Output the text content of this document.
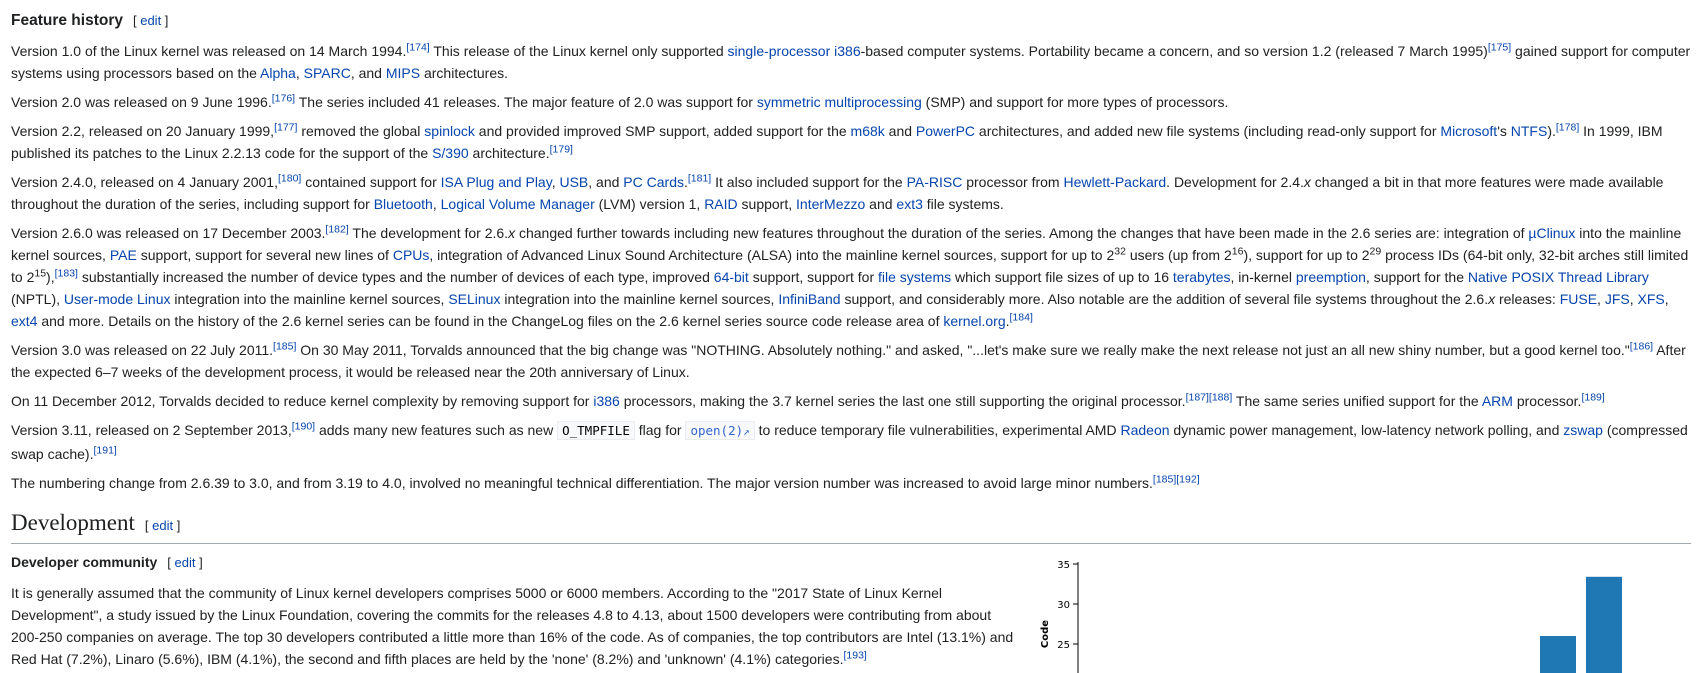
Feature history [ edit ]

Version 1.0 of the Linux kernel was released on 14 March 1994.[174] This release of the Linux kernel only supported single-processor i386-based computer systems. Portability became a concern, and so version 1.2 (released 7 March 1995)[175] gained support for computer systems using processors based on the Alpha, SPARC, and MIPS architectures.

Version 2.0 was released on 9 June 1996.[176] The series included 41 releases. The major feature of 2.0 was support for symmetric multiprocessing (SMP) and support for more types of processors.

Version 2.2, released on 20 January 1999,[177] removed the global spinlock and provided improved SMP support, added support for the m68k and PowerPC architectures, and added new file systems (including read-only support for Microsoft's NTFS).[178] In 1999, IBM published its patches to the Linux 2.2.13 code for the support of the S/390 architecture.[179]

Version 2.4.0, released on 4 January 2001,[180] contained support for ISA Plug and Play, USB, and PC Cards.[181] It also included support for the PA-RISC processor from Hewlett-Packard. Development for 2.4.x changed a bit in that more features were made available throughout the duration of the series, including support for Bluetooth, Logical Volume Manager (LVM) version 1, RAID support, InterMezzo and ext3 file systems.

Version 2.6.0 was released on 17 December 2003.[182] The development for 2.6.x changed further towards including new features throughout the duration of the series. Among the changes that have been made in the 2.6 series are: integration of µClinux into the mainline kernel sources, PAE support, support for several new lines of CPUs, integration of Advanced Linux Sound Architecture (ALSA) into the mainline kernel sources, support for up to $2^{32}$ users (up from $2^{16}$), support for up to $2^{29}$ process IDs (64-bit only, 32-bit arches still limited to $2^{15}),[183]$ substantially increased the number of device types and the number of devices of each type, improved 64-bit support, support for file systems which support file sizes of up to 16 terabytes, in-kernel preemption, support for the Native POSIX Thread Library (NPTL), User-mode Linux integration into the mainline kernel sources, SELinux integration into the mainline kernel sources, InfiniBand support, and considerably more. Also notable are the addition of several file systems throughout the 2.6.x releases: FUSE, JFS, XFS, ext4 and more. Details on the history of the 2.6 kernel series can be found in the ChangeLog files on the 2.6 kernel series source code release area of kernel.org.[184]

Version 3.0 was released on 22 July 2011.[185] On 30 May 2011, Torvalds announced that the big change was "NOTHING. Absolutely nothing." and asked, "...let's make sure we really make the next release not just an all new shiny number, but a good kernel too."[186] After the expected 6–7 weeks of the development process, it would be released near the 20th anniversary of Linux.

On 11 December 2012, Torvalds decided to reduce kernel complexity by removing support for i386 processors, making the 3.7 kernel series the last one still supporting the original processor.[187][188] The same series unified support for the ARM processor.[189]

Version 3.11, released on 2 September 2013,[190] adds many new features such as new O_TMPFILE flag for open(2)↗ to reduce temporary file vulnerabilities, experimental AMD Radeon dynamic power management, low-latency network polling, and zswap (compressed swap cache).[191]

The numbering change from 2.6.39 to 3.0, and from 3.19 to 4.0, involved no meaningful technical differentiation. The major version number was increased to avoid large minor numbers.[185][192]

Development [ edit ]
Developer community [ edit ]

It is generally assumed that the community of Linux kernel developers comprises 5000 or 6000 members. According to the "2017 State of Linux Kernel Development", a study issued by the Linux Foundation, covering the commits for the releases 4.8 to 4.13, about 1500 developers were contributing from about 200-250 companies on average. The top 30 developers contributed a little more than 16% of the code. As of companies, the top contributors are Intel (13.1%) and Red Hat (7.2%), Linaro (5.6%), IBM (4.1%), the second and fifth places are held by the 'none' (8.2%) and 'unknown' (4.1%) categories.[193]

35
30
25
Code
